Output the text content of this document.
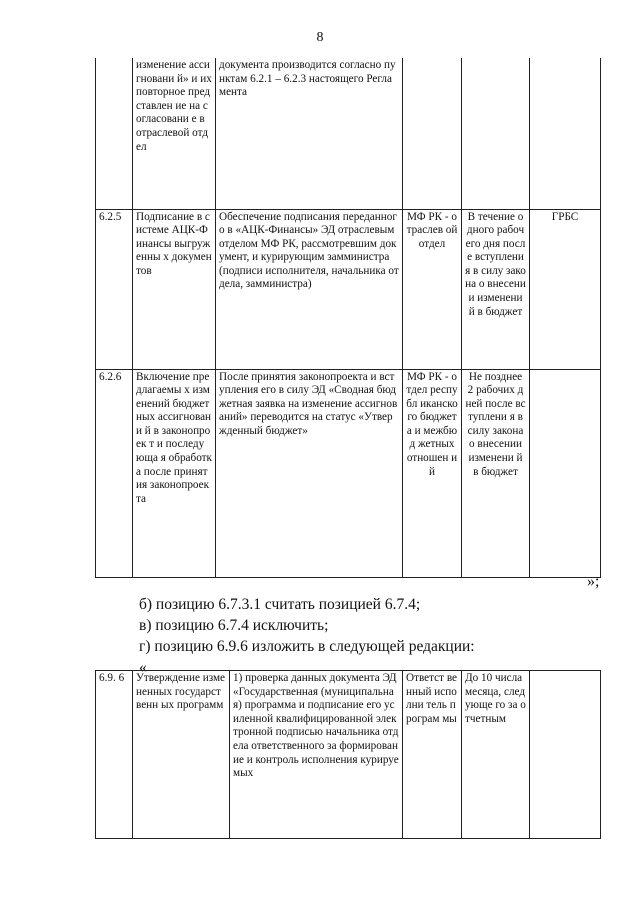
8
	изменение ассигновани й» и их повторное представлен ие на согласовани е в отраслевой отдел	документа производится согласно пунктам 6.2.1 – 6.2.3 настоящего Регламента			
6.2.5	Подписание в системе АЦК-Финансы выгруженны х документов	Обеспечение подписания переданного в «АЦК-Финансы» ЭД отраслевым отделом МФ РК, рассмотревшим документ, и курирующим замминистра (подписи исполнителя, начальника отдела, замминистра)	МФ РК - отраслев ой отдел	В течение одного рабочего дня после вступлени я в силу закона о внесении изменени й в бюджет	ГРБС
6.2.6	Включение предлагаемы х изменений бюджетных ассигновани й в законопроек т и последующа я обработка после принятия законопроекта	После принятия законопроекта и вступления его в силу ЭД «Сводная бюджетная заявка на изменение ассигнований» переводится на статус «Утвержденный бюджет»	МФ РК - отдел республ иканско го бюджета и межбюд жетных отношен ий	Не позднее 2 рабочих дней после вступлени я в силу закона о внесении изменени й в бюджет	
»;
б) позицию 6.7.3.1 считать позицией 6.7.4;
в) позицию 6.7.4 исключить;
г) позицию 6.9.6 изложить в следующей редакции:
«
6.9. 6	Утверждение измененных государственн ых программ	1) проверка данных документа ЭД «Государственная (муниципальная) программа и подписание его усиленной квалифицированной электронной подписью начальника отдела ответственного за формирование и контроль исполнения курируемых	Ответст венный исполни тель програм мы	До 10 числа месяца, следующе го за отчетным	
